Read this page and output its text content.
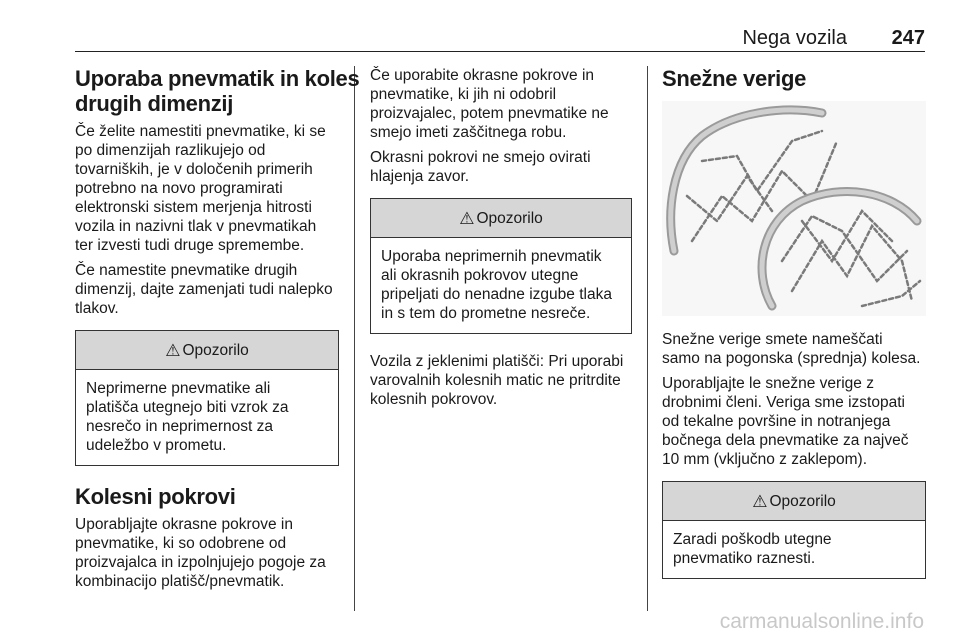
Nega vozila 247
Uporaba pnevmatik in koles
drugih dimenzij

Če želite namestiti pnevmatike, ki se
po dimenzijah razlikujejo od
tovarniških, je v določenih primerih
potrebno na novo programirati
elektronski sistem merjenja hitrosti
vozila in nazivni tlak v pnevmatikah
ter izvesti tudi druge spremembe.

Če namestite pnevmatike drugih
dimenzij, dajte zamenjati tudi nalepko
tlakov.

⚠ Opozorilo
Neprimerne pnevmatike ali
platišča utegnejo biti vzrok za
nesrečo in neprimernost za
udeležbo v prometu.
Kolesni pokrovi

Uporabljajte okrasne pokrove in
pnevmatike, ki so odobrene od
proizvajalca in izpolnjujejo pogoje za
kombinacijo platišč/pnevmatik.

Če uporabite okrasne pokrove in
pnevmatike, ki jih ni odobril
proizvajalec, potem pnevmatike ne
smejo imeti zaščitnega robu.

Okrasni pokrovi ne smejo ovirati
hlajenja zavor.

⚠ Opozorilo
Uporaba neprimernih pnevmatik
ali okrasnih pokrovov utegne
pripeljati do nenadne izgube tlaka
in s tem do prometne nesreče.

Vozila z jeklenimi platišči: Pri uporabi
varovalnih kolesnih matic ne pritrdite
kolesnih pokrovov.

Snežne verige

Snežne verige smete nameščati
samo na pogonska (sprednja) kolesa.

Uporabljajte le snežne verige z
drobnimi členi. Veriga sme izstopati
od tekalne površine in notranjega
bočnega dela pnevmatike za največ
10 mm (vključno z zaklepom).

⚠ Opozorilo
Zaradi poškodb utegne
pnevmatiko raznesti.
carmanualsonline.info
